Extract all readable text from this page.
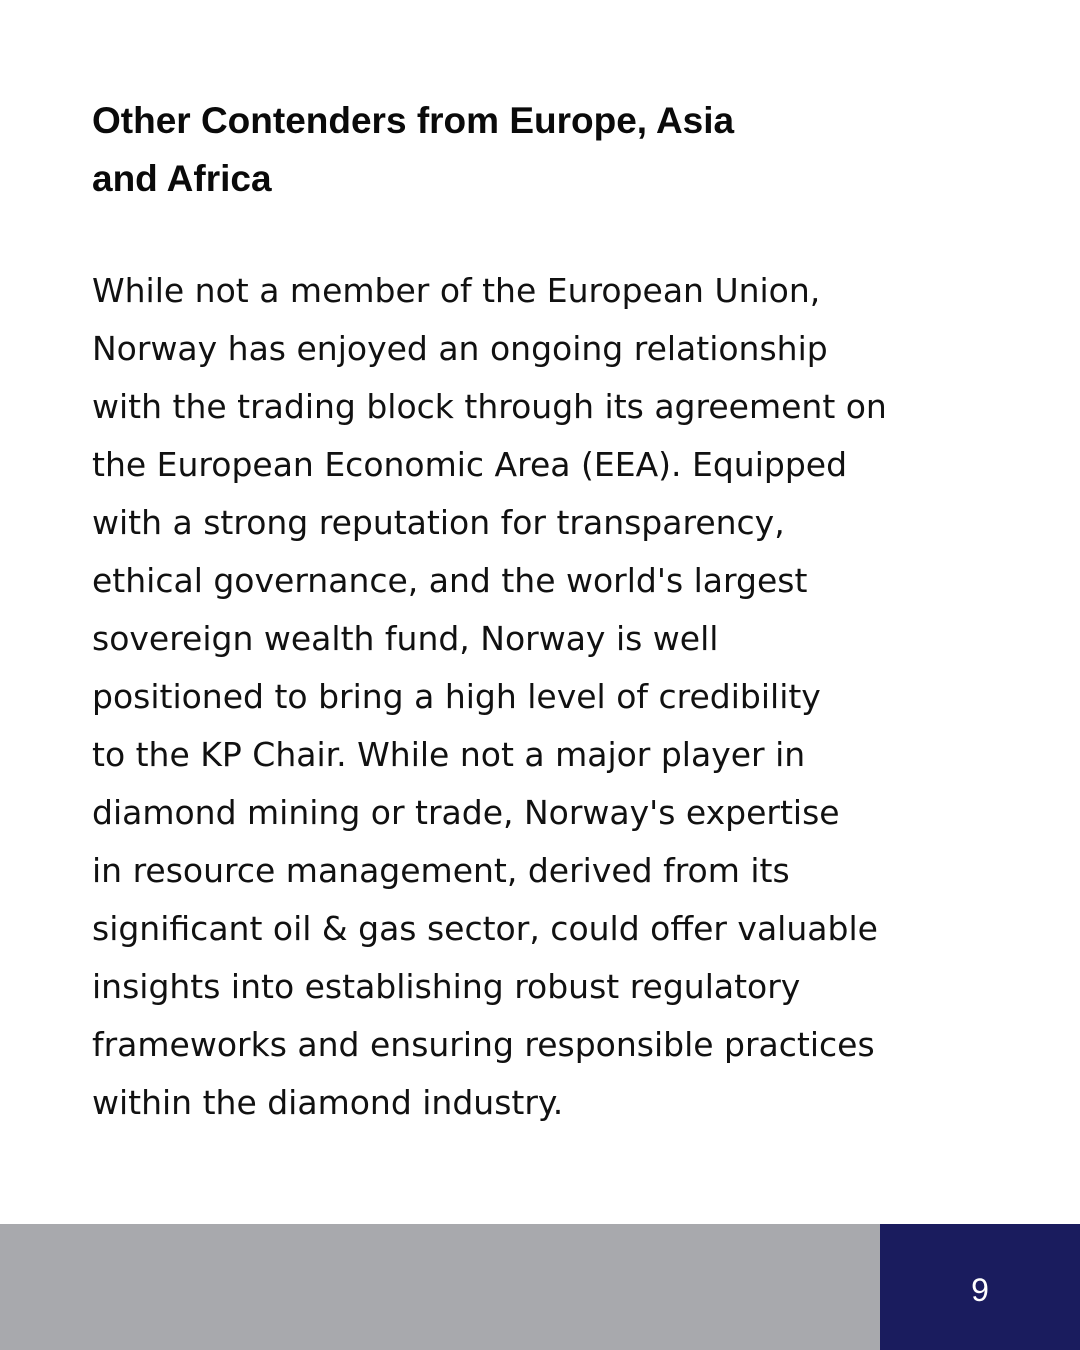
Other Contenders from Europe, Asia
and Africa

While not a member of the European Union,
Norway has enjoyed an ongoing relationship
with the trading block through its agreement on
the European Economic Area (EEA). Equipped
with a strong reputation for transparency,
ethical governance, and the world's largest
sovereign wealth fund, Norway is well
positioned to bring a high level of credibility
to the KP Chair. While not a major player in
diamond mining or trade, Norway's expertise
in resource management, derived from its
significant oil & gas sector, could offer valuable
insights into establishing robust regulatory
frameworks and ensuring responsible practices
within the diamond industry.

9
